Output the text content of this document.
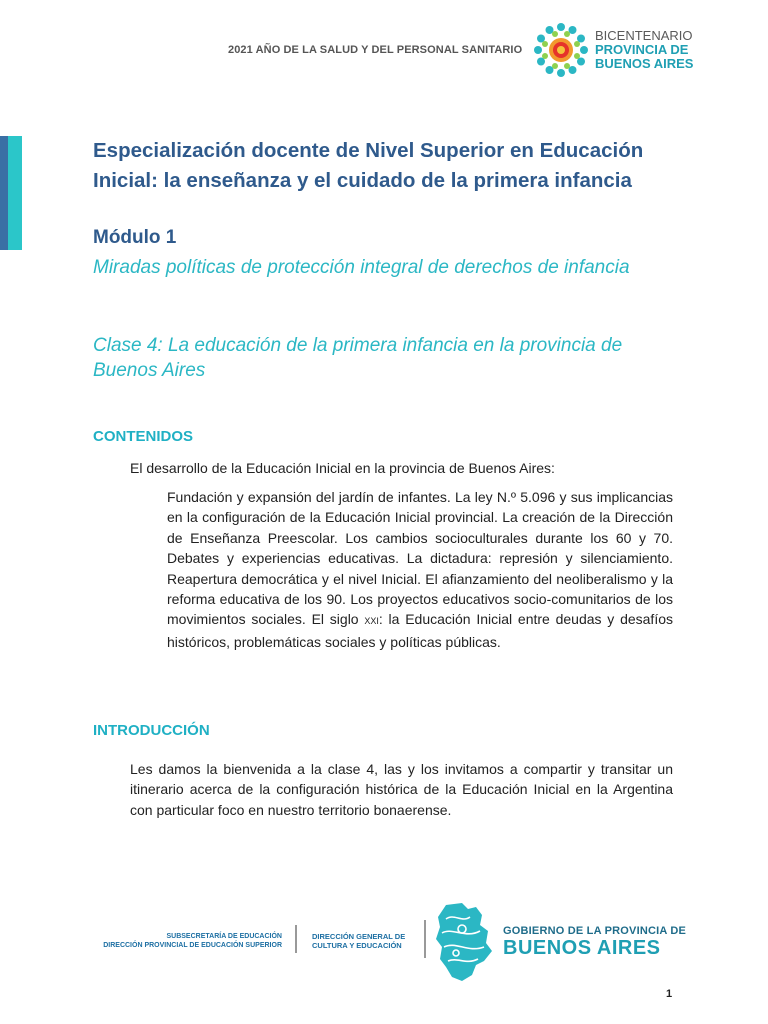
2021 AÑO DE LA SALUD Y DEL PERSONAL SANITARIO
BICENTENARIO
PROVINCIA DE
BUENOS AIRES
Especialización docente de Nivel Superior en Educación Inicial: la enseñanza y el cuidado de la primera infancia
Módulo 1
Miradas políticas de protección integral de derechos de infancia
Clase 4: La educación de la primera infancia en la provincia de Buenos Aires
CONTENIDOS
El desarrollo de la Educación Inicial en la provincia de Buenos Aires:
Fundación y expansión del jardín de infantes. La ley N.º 5.096 y sus implicancias en la configuración de la Educación Inicial provincial. La creación de la Dirección de Enseñanza Preescolar. Los cambios socioculturales durante los 60 y 70. Debates y experiencias educativas. La dictadura: represión y silenciamiento. Reapertura democrática y el nivel Inicial. El afianzamiento del neoliberalismo y la reforma educativa de los 90. Los proyectos educativos socio-comunitarios de los movimientos sociales. El siglo XXI: la Educación Inicial entre deudas y desafíos históricos, problemáticas sociales y políticas públicas.
INTRODUCCIÓN
Les damos la bienvenida a la clase 4, las y los invitamos a compartir y transitar un itinerario acerca de la configuración histórica de la Educación Inicial en la Argentina con particular foco en nuestro territorio bonaerense.
SUBSECRETARÍA DE EDUCACIÓN
DIRECCIÓN PROVINCIAL DE EDUCACIÓN SUPERIOR
DIRECCIÓN GENERAL DE
CULTURA Y EDUCACIÓN
GOBIERNO DE LA PROVINCIA DE
BUENOS AIRES
1
